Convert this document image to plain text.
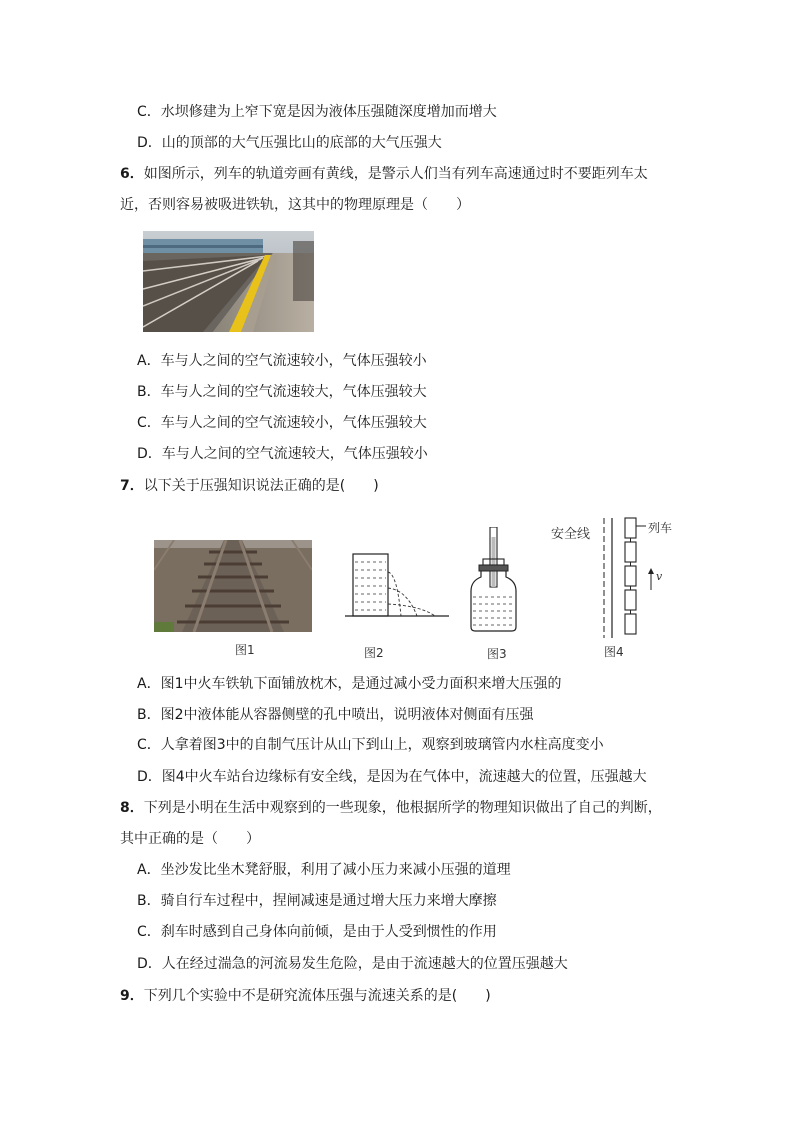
C．水坝修建为上窄下宽是因为液体压强随深度增加而增大
D．山的顶部的大气压强比山的底部的大气压强大
6．如图所示，列车的轨道旁画有黄线，是警示人们当有列车高速通过时不要距列车太
近，否则容易被吸进铁轨，这其中的物理原理是（　　）
A．车与人之间的空气流速较小，气体压强较小
B．车与人之间的空气流速较大，气体压强较大
C．车与人之间的空气流速较小，气体压强较大
D．车与人之间的空气流速较大，气体压强较小
7．以下关于压强知识说法正确的是(　　)
图1	图2	图3
安全线	列车
v
图4
A．图1中火车铁轨下面铺放枕木，是通过减小受力面积来增大压强的
B．图2中液体能从容器侧壁的孔中喷出，说明液体对侧面有压强
C．人拿着图3中的自制气压计从山下到山上，观察到玻璃管内水柱高度变小
D．图4中火车站台边缘标有安全线，是因为在气体中，流速越大的位置，压强越大
8．下列是小明在生活中观察到的一些现象，他根据所学的物理知识做出了自己的判断，
其中正确的是（　　）
A．坐沙发比坐木凳舒服，利用了减小压力来减小压强的道理
B．骑自行车过程中，捏闸减速是通过增大压力来增大摩擦
C．刹车时感到自己身体向前倾，是由于人受到惯性的作用
D．人在经过湍急的河流易发生危险，是由于流速越大的位置压强越大
9．下列几个实验中不是研究流体压强与流速关系的是(　　)
